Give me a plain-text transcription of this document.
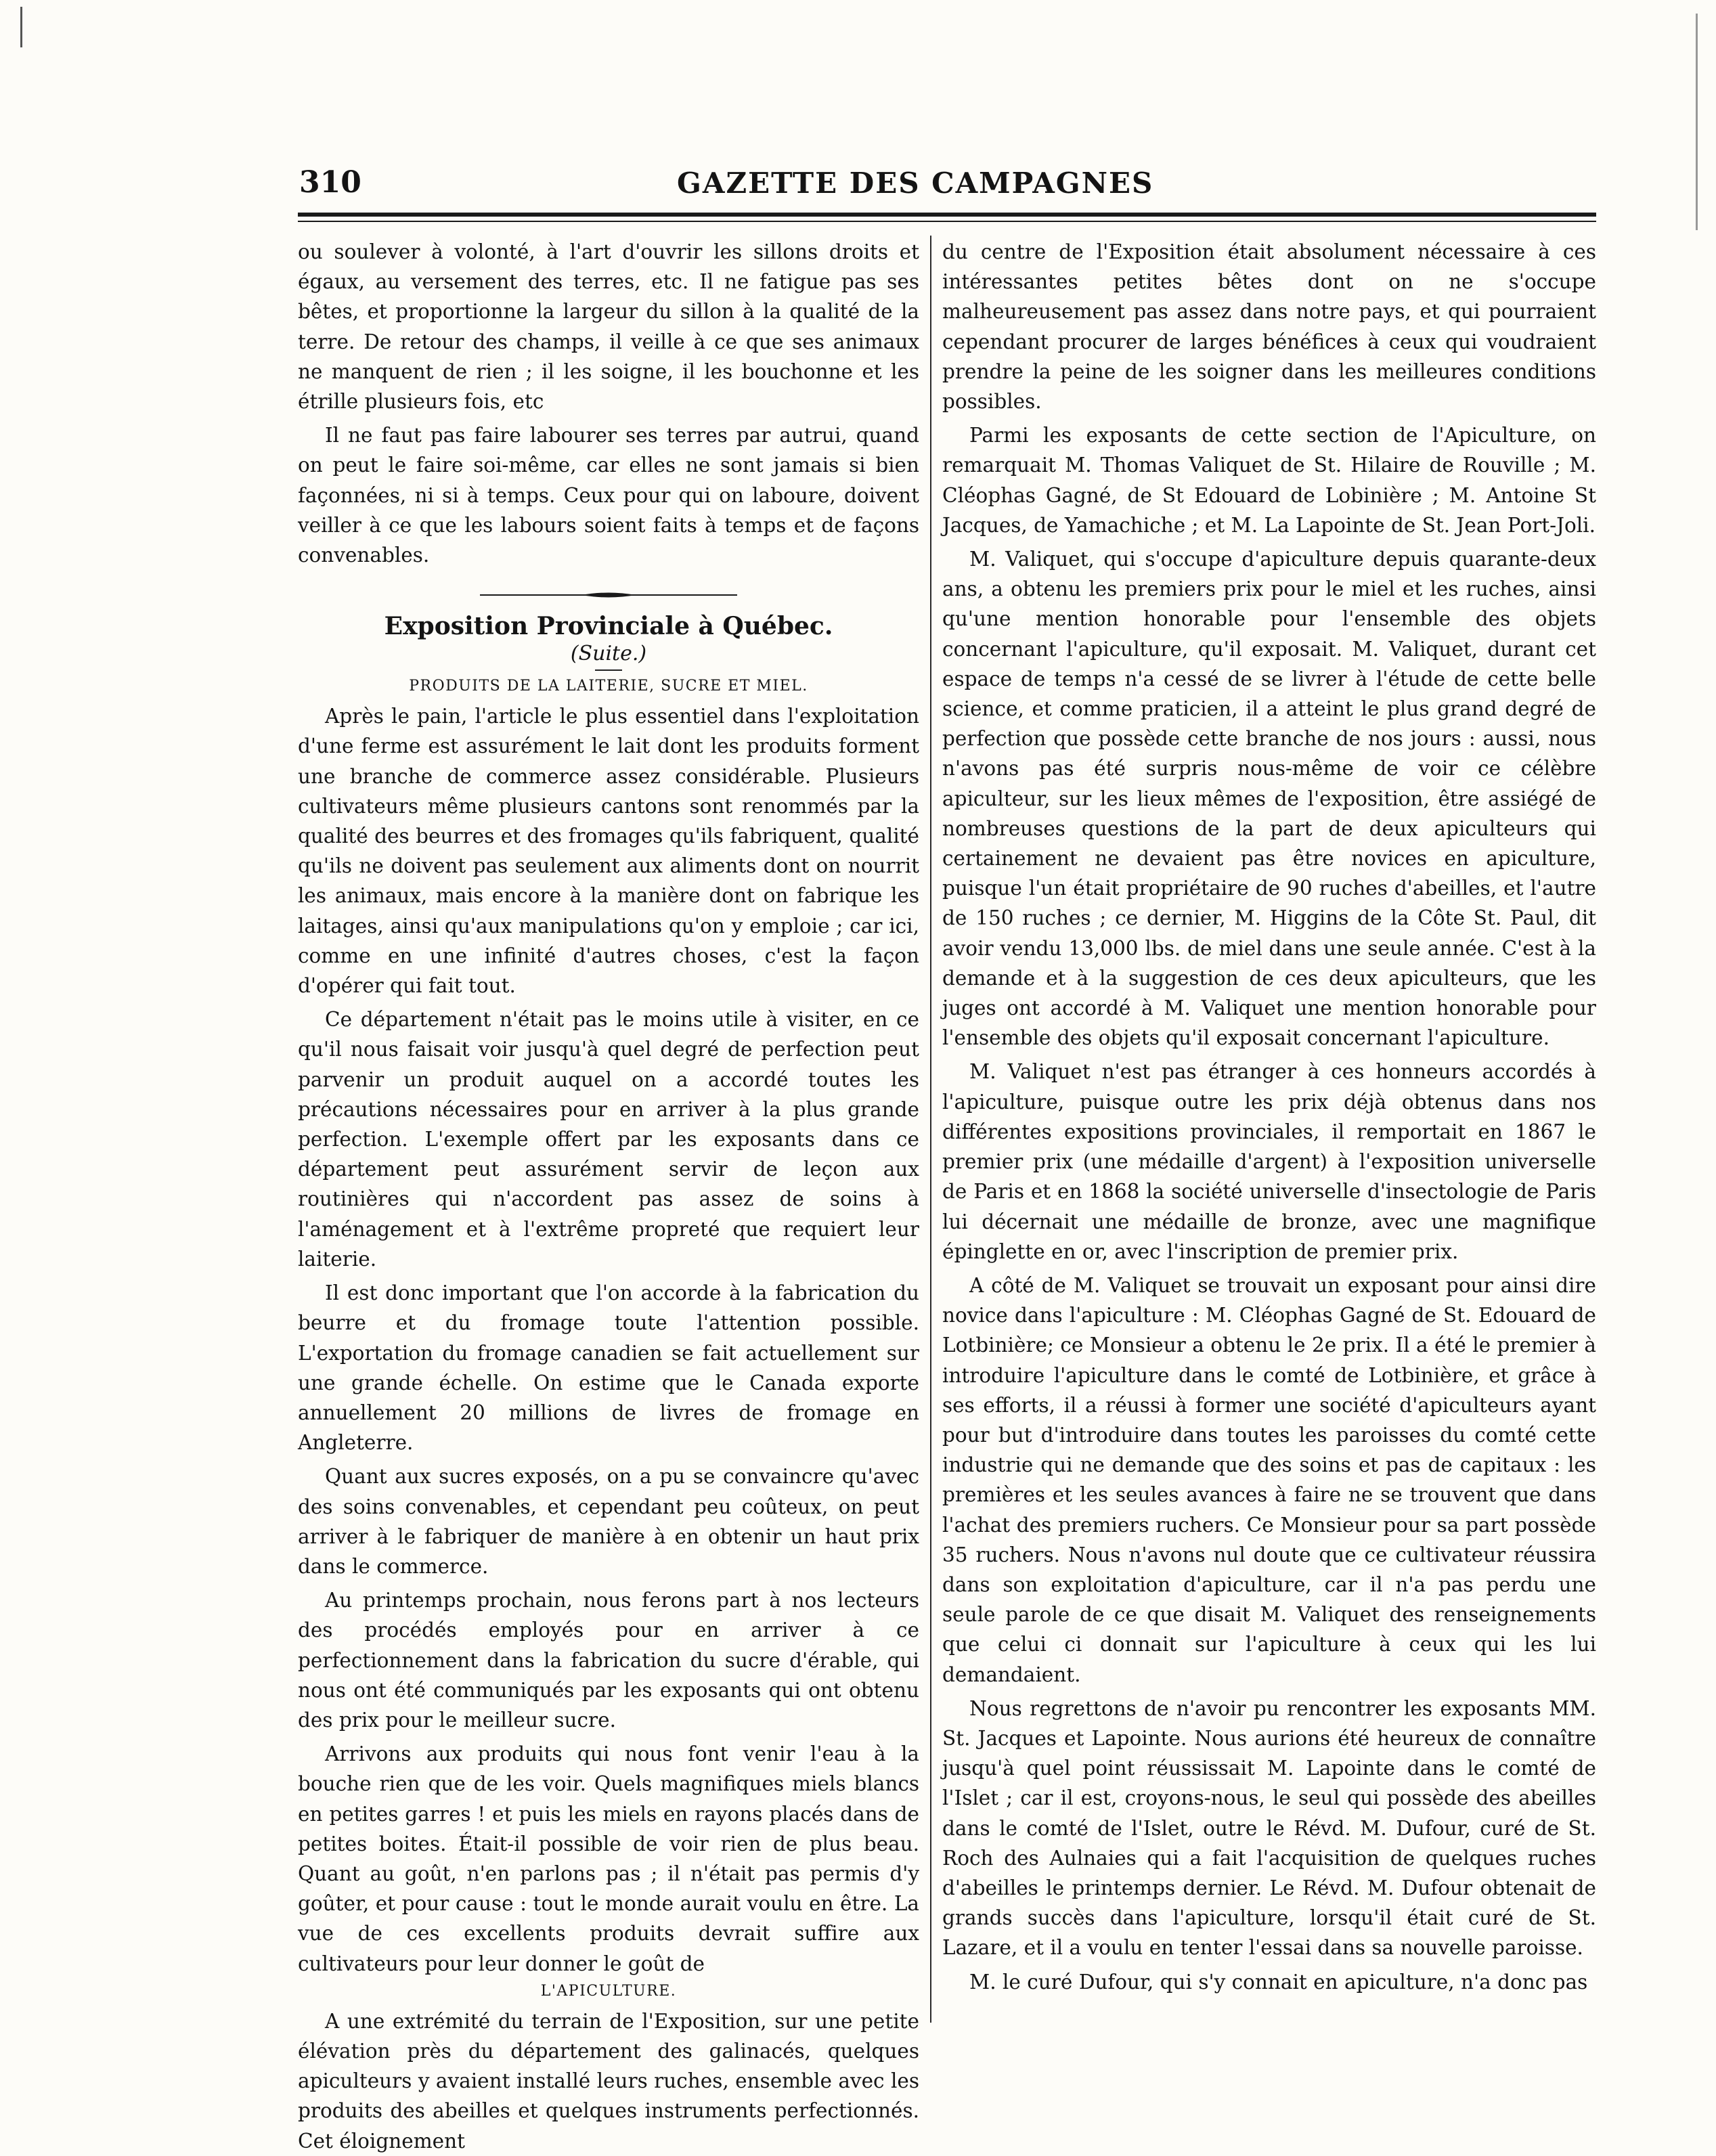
310	GAZETTE DES CAMPAGNES

ou soulever à volonté, à l'art d'ouvrir les sillons droits et égaux, au versement des terres, etc. Il ne fatigue pas ses bêtes, et proportionne la largeur du sillon à la qualité de la terre. De retour des champs, il veille à ce que ses animaux ne manquent de rien ; il les soigne, il les bouchonne et les étrille plusieurs fois, etc

Il ne faut pas faire labourer ses terres par autrui, quand on peut le faire soi-même, car elles ne sont jamais si bien façonnées, ni si à temps. Ceux pour qui on laboure, doivent veiller à ce que les labours soient faits à temps et de façons convenables.

Exposition Provinciale à Québec.
(Suite.)
PRODUITS DE LA LAITERIE, SUCRE ET MIEL.

Après le pain, l'article le plus essentiel dans l'exploitation d'une ferme est assurément le lait dont les produits forment une branche de commerce assez considérable. Plusieurs cultivateurs même plusieurs cantons sont renommés par la qualité des beurres et des fromages qu'ils fabriquent, qualité qu'ils ne doivent pas seulement aux aliments dont on nourrit les animaux, mais encore à la manière dont on fabrique les laitages, ainsi qu'aux manipulations qu'on y emploie ; car ici, comme en une infinité d'autres choses, c'est la façon d'opérer qui fait tout.

Ce département n'était pas le moins utile à visiter, en ce qu'il nous faisait voir jusqu'à quel degré de perfection peut parvenir un produit auquel on a accordé toutes les précautions nécessaires pour en arriver à la plus grande perfection. L'exemple offert par les exposants dans ce département peut assurément servir de leçon aux routinières qui n'accordent pas assez de soins à l'aménagement et à l'extrême propreté que requiert leur laiterie.

Il est donc important que l'on accorde à la fabrication du beurre et du fromage toute l'attention possible. L'exportation du fromage canadien se fait actuellement sur une grande échelle. On estime que le Canada exporte annuellement 20 millions de livres de fromage en Angleterre.

Quant aux sucres exposés, on a pu se convaincre qu'avec des soins convenables, et cependant peu coûteux, on peut arriver à le fabriquer de manière à en obtenir un haut prix dans le commerce.

Au printemps prochain, nous ferons part à nos lecteurs des procédés employés pour en arriver à ce perfectionnement dans la fabrication du sucre d'érable, qui nous ont été communiqués par les exposants qui ont obtenu des prix pour le meilleur sucre.

Arrivons aux produits qui nous font venir l'eau à la bouche rien que de les voir. Quels magnifiques miels blancs en petites garres ! et puis les miels en rayons placés dans de petites boites. Était-il possible de voir rien de plus beau. Quant au goût, n'en parlons pas ; il n'était pas permis d'y goûter, et pour cause : tout le monde aurait voulu en être. La vue de ces excellents produits devrait suffire aux cultivateurs pour leur donner le goût de

L'APICULTURE.

A une extrémité du terrain de l'Exposition, sur une petite élévation près du département des galinacés, quelques apiculteurs y avaient installé leurs ruches, ensemble avec les produits des abeilles et quelques instruments perfectionnés. Cet éloignement

du centre de l'Exposition était absolument nécessaire à ces intéressantes petites bêtes dont on ne s'occupe malheureusement pas assez dans notre pays, et qui pourraient cependant procurer de larges bénéfices à ceux qui voudraient prendre la peine de les soigner dans les meilleures conditions possibles.

Parmi les exposants de cette section de l'Apiculture, on remarquait M. Thomas Valiquet de St. Hilaire de Rouville ; M. Cléophas Gagné, de St Edouard de Lobinière ; M. Antoine St Jacques, de Yamachiche ; et M. La Lapointe de St. Jean Port-Joli.

M. Valiquet, qui s'occupe d'apiculture depuis quarante-deux ans, a obtenu les premiers prix pour le miel et les ruches, ainsi qu'une mention honorable pour l'ensemble des objets concernant l'apiculture, qu'il exposait. M. Valiquet, durant cet espace de temps n'a cessé de se livrer à l'étude de cette belle science, et comme praticien, il a atteint le plus grand degré de perfection que possède cette branche de nos jours : aussi, nous n'avons pas été surpris nous-même de voir ce célèbre apiculteur, sur les lieux mêmes de l'exposition, être assiégé de nombreuses questions de la part de deux apiculteurs qui certainement ne devaient pas être novices en apiculture, puisque l'un était propriétaire de 90 ruches d'abeilles, et l'autre de 150 ruches ; ce dernier, M. Higgins de la Côte St. Paul, dit avoir vendu 13,000 lbs. de miel dans une seule année. C'est à la demande et à la suggestion de ces deux apiculteurs, que les juges ont accordé à M. Valiquet une mention honorable pour l'ensemble des objets qu'il exposait concernant l'apiculture.

M. Valiquet n'est pas étranger à ces honneurs accordés à l'apiculture, puisque outre les prix déjà obtenus dans nos différentes expositions provinciales, il remportait en 1867 le premier prix (une médaille d'argent) à l'exposition universelle de Paris et en 1868 la société universelle d'insectologie de Paris lui décernait une médaille de bronze, avec une magnifique épinglette en or, avec l'inscription de premier prix.

A côté de M. Valiquet se trouvait un exposant pour ainsi dire novice dans l'apiculture : M. Cléophas Gagné de St. Edouard de Lotbinière; ce Monsieur a obtenu le 2e prix. Il a été le premier à introduire l'apiculture dans le comté de Lotbinière, et grâce à ses efforts, il a réussi à former une société d'apiculteurs ayant pour but d'introduire dans toutes les paroisses du comté cette industrie qui ne demande que des soins et pas de capitaux : les premières et les seules avances à faire ne se trouvent que dans l'achat des premiers ruchers. Ce Monsieur pour sa part possède 35 ruchers. Nous n'avons nul doute que ce cultivateur réussira dans son exploitation d'apiculture, car il n'a pas perdu une seule parole de ce que disait M. Valiquet des renseignements que celui ci donnait sur l'apiculture à ceux qui les lui demandaient.

Nous regrettons de n'avoir pu rencontrer les exposants MM. St. Jacques et Lapointe. Nous aurions été heureux de connaître jusqu'à quel point réussissait M. Lapointe dans le comté de l'Islet ; car il est, croyons-nous, le seul qui possède des abeilles dans le comté de l'Islet, outre le Révd. M. Dufour, curé de St. Roch des Aulnaies qui a fait l'acquisition de quelques ruches d'abeilles le printemps dernier. Le Révd. M. Dufour obtenait de grands succès dans l'apiculture, lorsqu'il était curé de St. Lazare, et il a voulu en tenter l'essai dans sa nouvelle paroisse.

M. le curé Dufour, qui s'y connait en apiculture, n'a donc pas
